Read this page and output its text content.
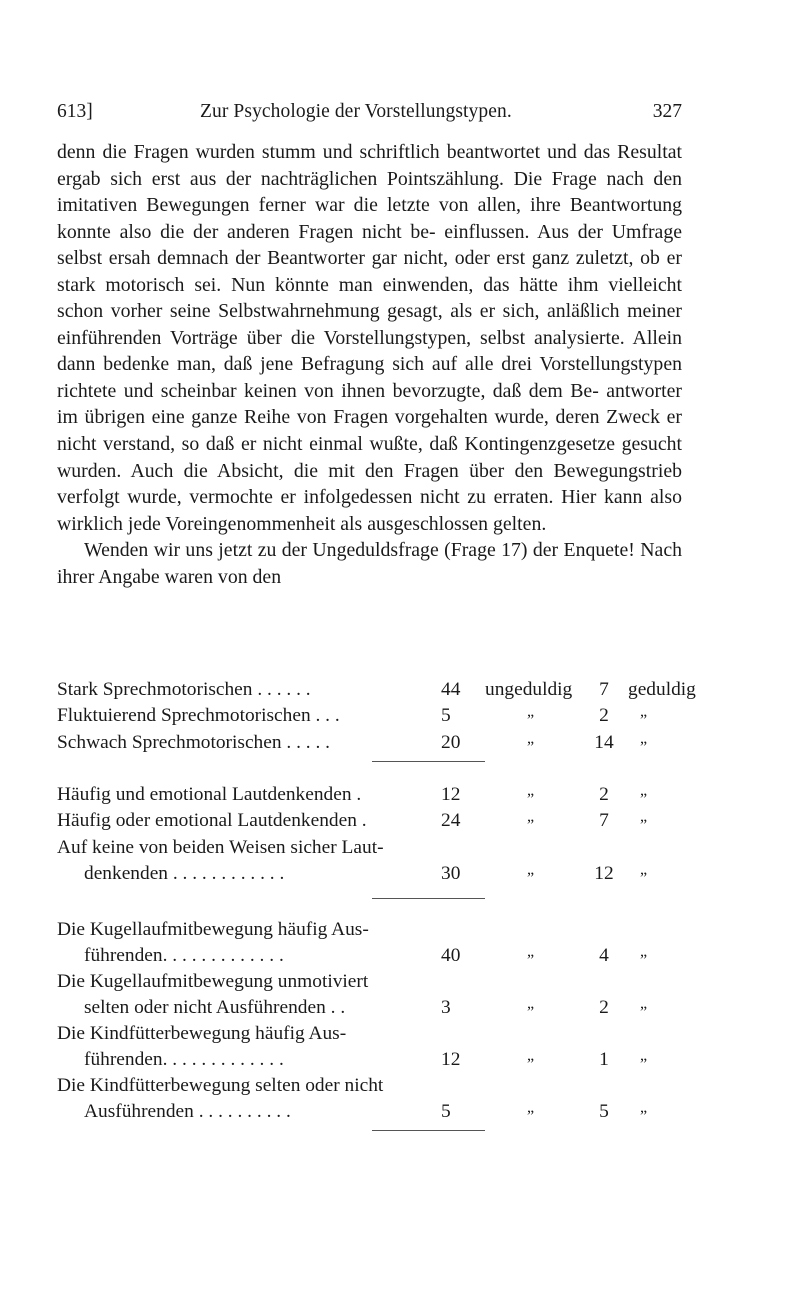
613]	Zur Psychologie der Vorstellungstypen.	327

denn die Fragen wurden stumm und schriftlich beantwortet und das Resultat ergab sich erst aus der nachträglichen Pointszählung. Die Frage nach den imitativen Bewegungen ferner war die letzte von allen, ihre Beantwortung konnte also die der anderen Fragen nicht be- einflussen. Aus der Umfrage selbst ersah demnach der Beantworter gar nicht, oder erst ganz zuletzt, ob er stark motorisch sei. Nun könnte man einwenden, das hätte ihm vielleicht schon vorher seine Selbstwahrnehmung gesagt, als er sich, anläßlich meiner einführenden Vorträge über die Vorstellungstypen, selbst analysierte. Allein dann bedenke man, daß jene Befragung sich auf alle drei Vorstellungstypen richtete und scheinbar keinen von ihnen bevorzugte, daß dem Be- antworter im übrigen eine ganze Reihe von Fragen vorgehalten wurde, deren Zweck er nicht verstand, so daß er nicht einmal wußte, daß Kontingenzgesetze gesucht wurden. Auch die Absicht, die mit den Fragen über den Bewegungstrieb verfolgt wurde, vermochte er infolgedessen nicht zu erraten. Hier kann also wirklich jede Voreingenommenheit als ausgeschlossen gelten.

Wenden wir uns jetzt zu der Ungeduldsfrage (Frage 17) der Enquete! Nach ihrer Angabe waren von den

Stark Sprechmotorischen . . . . . .	44	ungeduldig	7 geduldig
Fluktuierend Sprechmotorischen . . .	5	„	2	„
Schwach Sprechmotorischen . . . . .	20	„	14	„
Häufig und emotional Lautdenkenden .	12	„	2	„
Häufig oder emotional Lautdenkenden .	24	„	7	„
Auf keine von beiden Weisen sicher Laut-
denkenden . . . . . . . . . . . .	30	„	12	„
Die Kugellaufmitbewegung häufig Aus-
führenden. . . . . . . . . . . . .	40	„	4	„
Die Kugellaufmitbewegung unmotiviert
selten oder nicht Ausführenden . .	3	„	2	„
Die Kindfütterbewegung häufig Aus-
führenden. . . . . . . . . . . . .	12	„	1	„
Die Kindfütterbewegung selten oder nicht
Ausführenden . . . . . . . . . .	5	„	5	„
